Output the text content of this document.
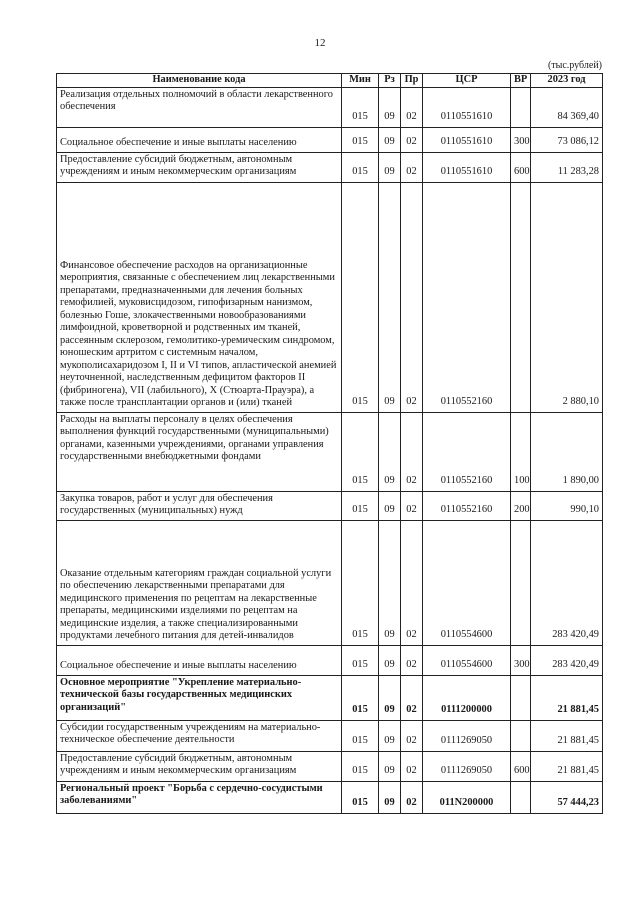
12
(тыс.рублей)
Наименование кода	Мин	Рз	Пр	ЦСР	ВР	2023 год
Реализация отдельных полномочий в области лекарственного обеспечения	015	09	02	0110551610		84 369,40
Социальное обеспечение и иные выплаты населению	015	09	02	0110551610	300	73 086,12
Предоставление субсидий бюджетным, автономным учреждениям и иным некоммерческим организациям	015	09	02	0110551610	600	11 283,28
Финансовое обеспечение расходов на организационные мероприятия, связанные с обеспечением лиц лекарственными препаратами, предназначенными для лечения больных гемофилией, муковисцидозом, гипофизарным нанизмом, болезнью Гоше, злокачественными новообразованиями лимфоидной, кроветворной и родственных им тканей, рассеянным склерозом, гемолитико-уремическим синдромом, юношеским артритом с системным началом, мукополисахаридозом I, II и VI типов, апластической анемией неуточненной, наследственным дефицитом факторов II (фибриногена), VII (лабильного), X (Стюарта-Прауэра), а также после трансплантации органов и (или) тканей	015	09	02	0110552160		2 880,10
Расходы на выплаты персоналу в целях обеспечения выполнения функций государственными (муниципальными) органами, казенными учреждениями, органами управления государственными внебюджетными фондами	015	09	02	0110552160	100	1 890,00
Закупка товаров, работ и услуг для обеспечения государственных (муниципальных) нужд	015	09	02	0110552160	200	990,10
Оказание отдельным категориям граждан социальной услуги по обеспечению лекарственными препаратами для медицинского применения по рецептам на лекарственные препараты, медицинскими изделиями по рецептам на медицинские изделия, а также специализированными продуктами лечебного питания для детей-инвалидов	015	09	02	0110554600		283 420,49
Социальное обеспечение и иные выплаты населению	015	09	02	0110554600	300	283 420,49
Основное мероприятие "Укрепление материально-технической базы государственных медицинских организаций"	015	09	02	0111200000		21 881,45
Субсидии государственным учреждениям на материально-техническое обеспечение деятельности	015	09	02	0111269050		21 881,45
Предоставление субсидий бюджетным, автономным учреждениям и иным некоммерческим организациям	015	09	02	0111269050	600	21 881,45
Региональный проект "Борьба с сердечно-сосудистыми заболеваниями"	015	09	02	011N200000		57 444,23
